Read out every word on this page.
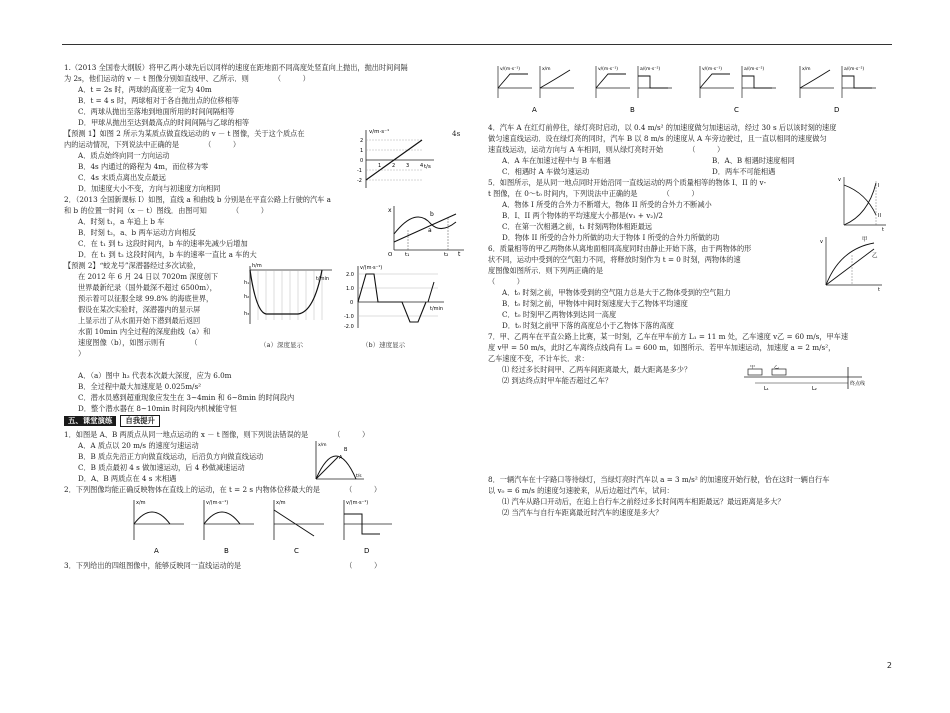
1.（2013 全国卷大纲版）将甲乙两小球先后以同样的速度在距地面不同高度处竖直向上抛出，抛出时间间隔

为 2s，他们运动的 v － t 图像分别如直线甲、乙所示．则　　　　（　　　）

A．t = 2s 时，两球的高度差一定为 40m

B．t = 4 s 时，两球相对于各自抛出点的位移相等

C．两球从抛出至落地到地面所用的时间间隔相等

D．甲球从抛出至达到最高点的时间间隔与乙球的相等

【预测 1】如图 2 所示为某质点做直线运动的 v － t 图像，关于这个质点在	4s

内的运动情况，下列说法中正确的是　　　　（　　　）

A．质点始终向同一方向运动

B．4s 内通过的路程为 4m，而位移为零

C．4s 末质点离出发点最远

D．加速度大小不变，方向与初速度方向相同

v/m·s⁻¹
t/s
2
1
0
-1
-2
1 2 3 4

2．（2013 全国新课标 I）如图，直线 a 和曲线 b 分别是在平直公路上行驶的汽车 a

和 b 的位置一时间（x － t）图线．由图可知　　　　（　　　）

A．时刻 t₁，a 车追上 b 车

B．时刻 t₂，a、b 两车运动方向相反

C．在 t₁ 到 t₂ 这段时间内，b 车的速率先减少后增加

D．在 t₁ 到 t₂ 这段时间内，b 车的速率一直比 a 车的大

x
a
b
t
t₁	t₂
O

【预测 2】“蛟龙号”深潜器经过多次试验，

在 2012 年 6 月 24 日以 7020m 深度创下

世界最新纪录（国外最深不超过 6500m），

预示着可以征服全球 99.8% 的海底世界，

假设在某次实验时，深潜器内的显示屏

上显示出了从水面开始下潜到最后返回

水面 10min 内全过程的深度曲线（a）和

速度图像（b），如图示则有　　　　（

）

h/m
t/min
h₁
h₂
h₃
v/(m·s⁻¹)
t/min
2.0
1.0
0
-1.0
-2.0
（a）深度显示	（b）速度显示

A．（a）图中 h₃ 代表本次最大深度，应为 6.0m

B．全过程中最大加速度是 0.025m/s²

C．潜水员感到超重现象应发生在 3~4min 和 6~8min 的时间段内

D．整个潜水器在 8~10min 时间段内机械能守恒

五、课堂演练 自我提升

1．如图是 A、B 两质点从同一地点运动的 x － t 图像，则下列说法错误的是　　　　（　　　）

A．A 质点以 20 m/s 的速度匀速运动

B．B 质点先沿正方向做直线运动，后沿负方向做直线运动

C．B 质点最初 4 s 做加速运动，后 4 秒做减速运动

D．A、B 两质点在 4 s 末相遇

x/m
t/s
A
B

2．下列图像均能正确反映物体在直线上的运动，在 t = 2 s 内物体位移最大的是　　　　（　　　）

x/m
A
v/(m·s⁻¹)
B
x/m
C
v/(m·s⁻¹)
D

3．下列给出的四组图像中，能够反映同一直线运动的是　　　　　　　　　　　　　　　（　　　）

v/(m·s⁻¹)	x/m
A
v/(m·s⁻¹)	a/(m·s⁻²)
B
v/(m·s⁻¹)	a/(m·s⁻²)
C
x/m	a/(m·s⁻²)
D

4．汽车 A 在红灯前停住，绿灯亮时启动，以 0.4 m/s² 的加速度做匀加速运动，经过 30 s 后以该时刻的速度

做匀速直线运动．设在绿灯亮的同时，汽车 B 以 8 m/s 的速度从 A 车旁边驶过，且一直以相同的速度做匀

速直线运动，运动方向与 A 车相同，则从绿灯亮时开始　　　　（　　　）

A．A 车在加速过程中与 B 车相遇	B．A、B 相遇时速度相同

C．相遇时 A 车做匀速运动	D．两车不可能相遇

5．如图所示，是从同一地点同时开始沿同一直线运动的两个质量相等的物体 I、II 的 v-

t 图像，在 0～t₀ 时间内，下列说法中正确的是　　　　（　　　）

A．物体 I 所受的合外力不断增大，物体 II 所受的合外力不断减小

B．I、II 两个物体的平均速度大小都是(v₁ + v₂)/2

C．在第一次相遇之前，t₁ 时刻两物体相距最远

D．物体 II 所受的合外力所做的功大于物体 I 所受的合外力所做的功

v
t
I
II

6．质量相等的甲乙两物体从离地面相同高度同时由静止开始下落，由于两物体的形

状不同，运动中受到的空气阻力不同，将释放时刻作为 t = 0 时刻，两物体的速

度图像如图所示．则下列两正确的是

（　　　）

A．t₀ 时刻之前，甲物体受到的空气阻力总是大于乙物体受到的空气阻力

B．t₀ 时刻之前，甲物体中间时刻速度大于乙物体平均速度

C．t₀ 时刻甲乙两物体到达同一高度

D．t₀ 时刻之前甲下落的高度总小于乙物体下落的高度

v
t
甲
乙

7．甲、乙两车在平直公路上比赛，某一时刻，乙车在甲车前方 L₁ = 11 m 处，乙车速度 v乙 = 60 m/s，甲车速

度 v甲 = 50 m/s，此时乙车离终点线尚有 L₂ = 600 m，如图所示．若甲车加速运动，加速度 a = 2 m/s²，

乙车速度不变，不计车长．求：

⑴ 经过多长时间甲、乙两车间距离最大，最大距离是多少？

⑵ 到达终点时甲车能否超过乙车？

甲	乙
L₁	L₂
终点线

8．一辆汽车在十字路口等待绿灯，当绿灯亮时汽车以 a = 3 m/s² 的加速度开始行驶，恰在这时一辆自行车

以 v₀ = 6 m/s 的速度匀速驶来，从后边超过汽车，试问：

⑴ 汽车从路口开动后，在追上自行车之前经过多长时间两车相距最远？最远距离是多大？

⑵ 当汽车与自行车距离最近时汽车的速度是多大？

2
